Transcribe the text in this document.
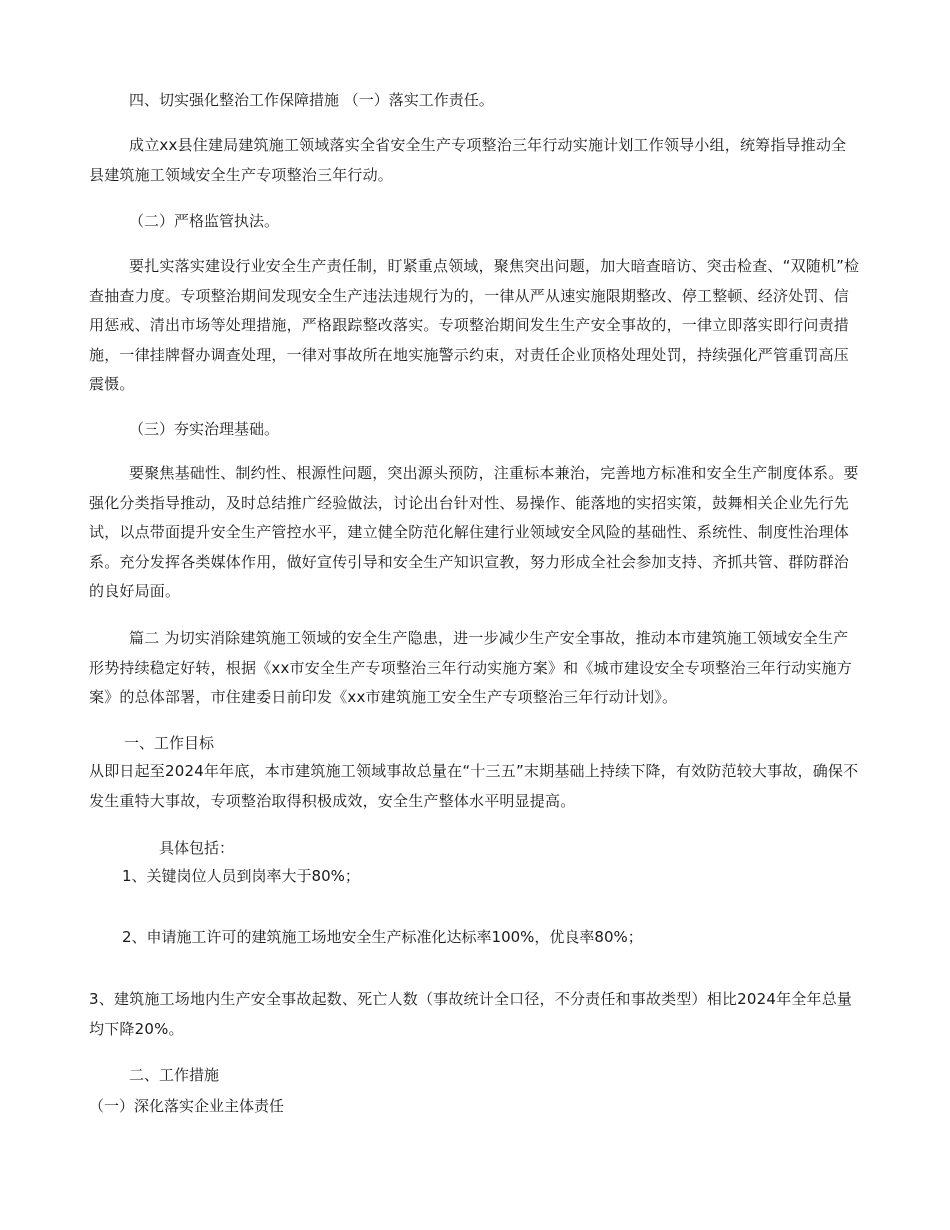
四、切实强化整治工作保障措施 （一）落实工作责任。

成立xx县住建局建筑施工领域落实全省安全生产专项整治三年行动实施计划工作领导小组，统筹指导推动全县建筑施工领域安全生产专项整治三年行动。

（二）严格监管执法。

要扎实落实建设行业安全生产责任制，盯紧重点领域，聚焦突出问题，加大暗查暗访、突击检查、“双随机”检查抽查力度。专项整治期间发现安全生产违法违规行为的，一律从严从速实施限期整改、停工整顿、经济处罚、信用惩戒、清出市场等处理措施，严格跟踪整改落实。专项整治期间发生生产安全事故的，一律立即落实即行问责措施，一律挂牌督办调查处理，一律对事故所在地实施警示约束，对责任企业顶格处理处罚，持续强化严管重罚高压震慑。

（三）夯实治理基础。

要聚焦基础性、制约性、根源性问题，突出源头预防，注重标本兼治，完善地方标准和安全生产制度体系。要强化分类指导推动，及时总结推广经验做法，讨论出台针对性、易操作、能落地的实招实策，鼓舞相关企业先行先试，以点带面提升安全生产管控水平，建立健全防范化解住建行业领域安全风险的基础性、系统性、制度性治理体系。充分发挥各类媒体作用，做好宣传引导和安全生产知识宣教，努力形成全社会参加支持、齐抓共管、群防群治的良好局面。

篇二 为切实消除建筑施工领域的安全生产隐患，进一步减少生产安全事故，推动本市建筑施工领域安全生产形势持续稳定好转，根据《xx市安全生产专项整治三年行动实施方案》和《城市建设安全专项整治三年行动实施方案》的总体部署，市住建委日前印发《xx市建筑施工安全生产专项整治三年行动计划》。

一、工作目标

从即日起至2024年年底，本市建筑施工领域事故总量在“十三五”末期基础上持续下降，有效防范较大事故，确保不发生重特大事故，专项整治取得积极成效，安全生产整体水平明显提高。

具体包括：

1、关键岗位人员到岗率大于80%；

2、申请施工许可的建筑施工场地安全生产标准化达标率100%，优良率80%；

3、建筑施工场地内生产安全事故起数、死亡人数（事故统计全口径，不分责任和事故类型）相比2024年全年总量均下降20%。

二、工作措施

（一）深化落实企业主体责任
